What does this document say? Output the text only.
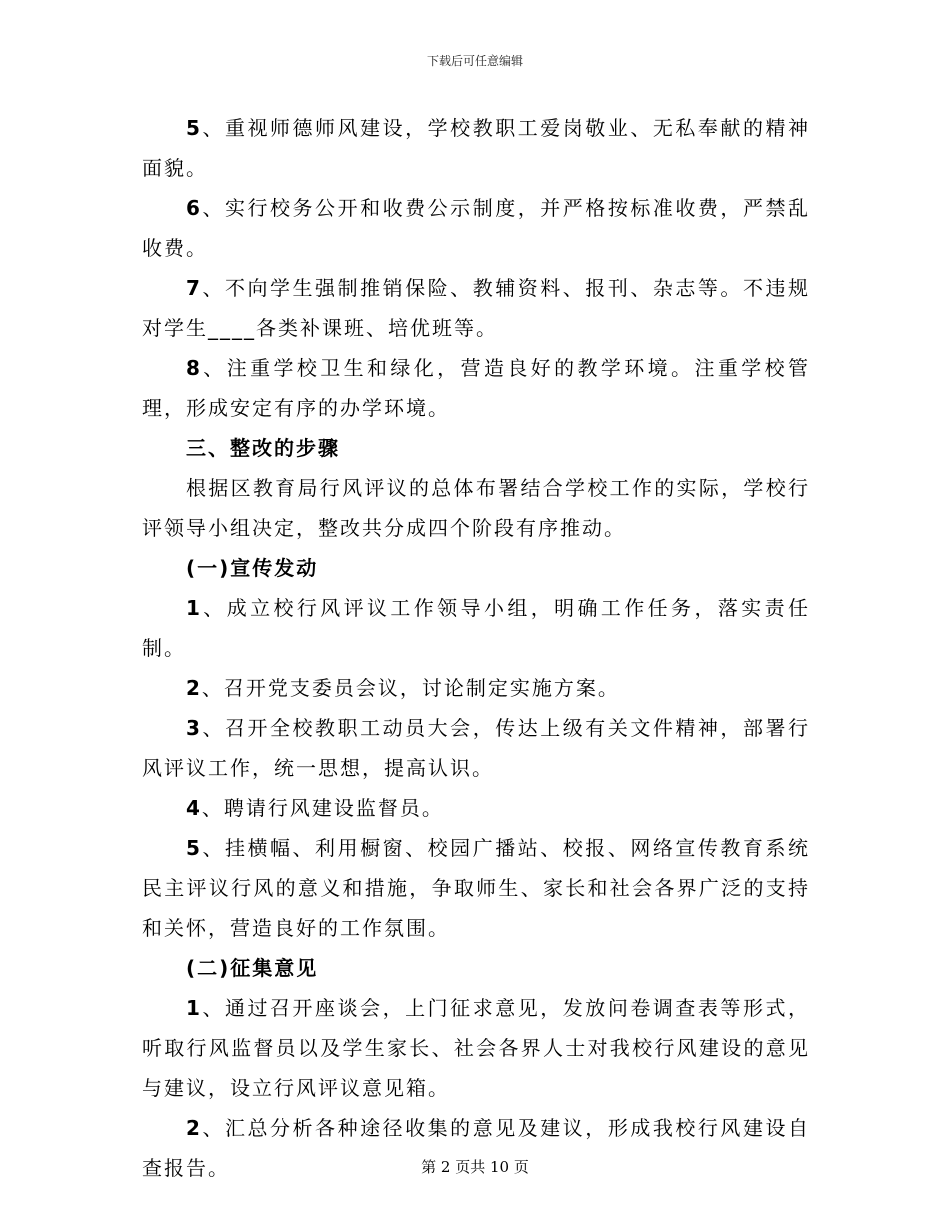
下载后可任意编辑

5、重视师德师风建设，学校教职工爱岗敬业、无私奉献的精神面貌。

6、实行校务公开和收费公示制度，并严格按标准收费，严禁乱收费。

7、不向学生强制推销保险、教辅资料、报刊、杂志等。不违规对学生____各类补课班、培优班等。

8、注重学校卫生和绿化，营造良好的教学环境。注重学校管理，形成安定有序的办学环境。

三、整改的步骤

根据区教育局行风评议的总体布署结合学校工作的实际，学校行评领导小组决定，整改共分成四个阶段有序推动。

(一)宣传发动

1、成立校行风评议工作领导小组，明确工作任务，落实责任制。

2、召开党支委员会议，讨论制定实施方案。

3、召开全校教职工动员大会，传达上级有关文件精神，部署行风评议工作，统一思想，提高认识。

4、聘请行风建设监督员。

5、挂横幅、利用橱窗、校园广播站、校报、网络宣传教育系统民主评议行风的意义和措施，争取师生、家长和社会各界广泛的支持和关怀，营造良好的工作氛围。

(二)征集意见

1、通过召开座谈会，上门征求意见，发放问卷调查表等形式，听取行风监督员以及学生家长、社会各界人士对我校行风建设的意见与建议，设立行风评议意见箱。

2、汇总分析各种途径收集的意见及建议，形成我校行风建设自查报告。	第 2 页共 10 页
